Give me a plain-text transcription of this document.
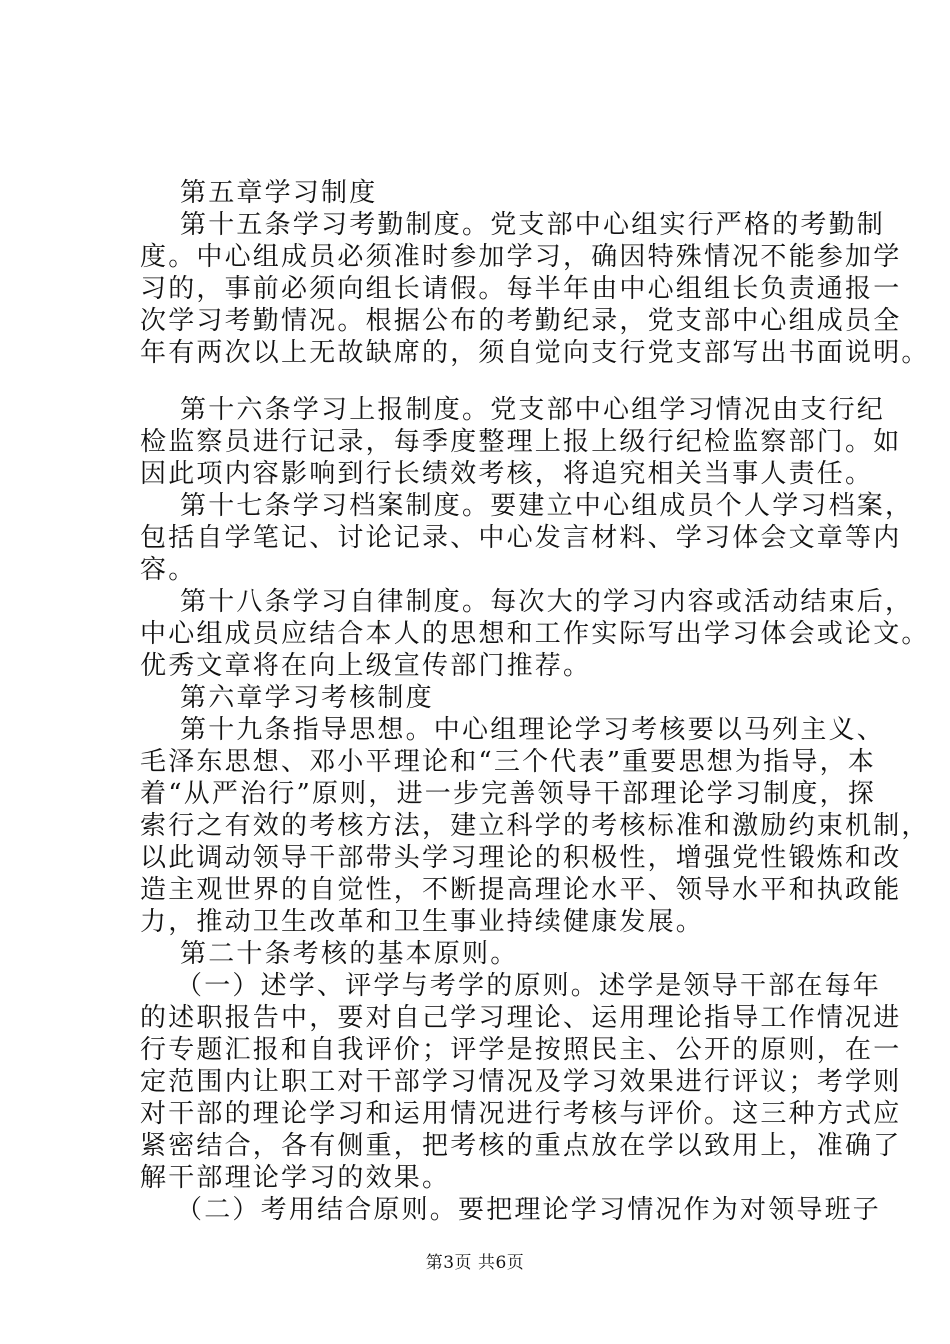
第五章学习制度
第十五条学习考勤制度。党支部中心组实行严格的考勤制
度。中心组成员必须准时参加学习，确因特殊情况不能参加学
习的，事前必须向组长请假。每半年由中心组组长负责通报一
次学习考勤情况。根据公布的考勤纪录，党支部中心组成员全
年有两次以上无故缺席的，须自觉向支行党支部写出书面说明。
第十六条学习上报制度。党支部中心组学习情况由支行纪
检监察员进行记录，每季度整理上报上级行纪检监察部门。如
因此项内容影响到行长绩效考核，将追究相关当事人责任。
第十七条学习档案制度。要建立中心组成员个人学习档案，
包括自学笔记、讨论记录、中心发言材料、学习体会文章等内
容。
第十八条学习自律制度。每次大的学习内容或活动结束后，
中心组成员应结合本人的思想和工作实际写出学习体会或论文。
优秀文章将在向上级宣传部门推荐。
第六章学习考核制度
第十九条指导思想。中心组理论学习考核要以马列主义、
毛泽东思想、邓小平理论和“三个代表”重要思想为指导，本
着“从严治行”原则，进一步完善领导干部理论学习制度，探
索行之有效的考核方法，建立科学的考核标准和激励约束机制，
以此调动领导干部带头学习理论的积极性，增强党性锻炼和改
造主观世界的自觉性，不断提高理论水平、领导水平和执政能
力，推动卫生改革和卫生事业持续健康发展。
第二十条考核的基本原则。
（一）述学、评学与考学的原则。述学是领导干部在每年
的述职报告中，要对自己学习理论、运用理论指导工作情况进
行专题汇报和自我评价；评学是按照民主、公开的原则，在一
定范围内让职工对干部学习情况及学习效果进行评议；考学则
对干部的理论学习和运用情况进行考核与评价。这三种方式应
紧密结合，各有侧重，把考核的重点放在学以致用上，准确了
解干部理论学习的效果。
（二）考用结合原则。要把理论学习情况作为对领导班子
第3页 共6页
